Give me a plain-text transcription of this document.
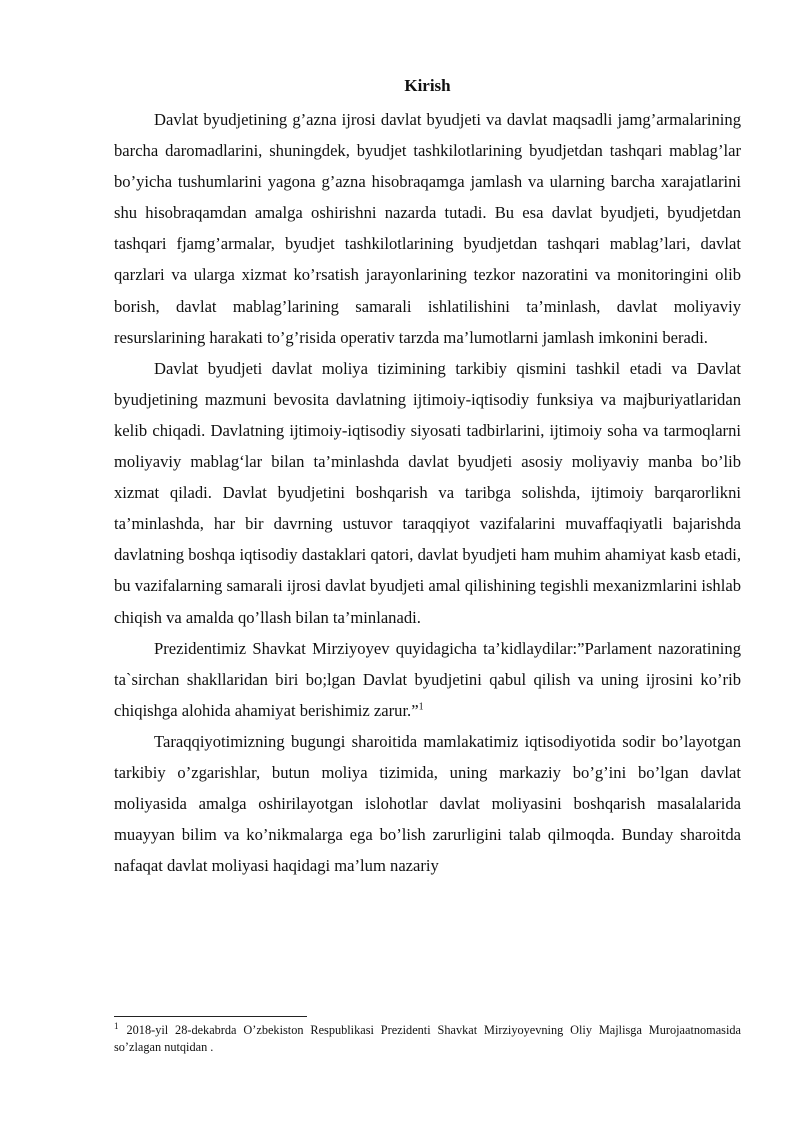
Kirish

Davlat byudjetining g’azna ijrosi davlat byudjeti va davlat maqsadli jamg’armalarining barcha daromadlarini, shuningdek, byudjet tashkilotlarining byudjetdan tashqari mablag’lar bo’yicha tushumlarini yagona g’azna hisobraqamga jamlash va ularning barcha xarajatlarini shu hisobraqamdan amalga oshirishni nazarda tutadi. Bu esa davlat byudjeti, byudjetdan tashqari fjamg’armalar, byudjet tashkilotlarining byudjetdan tashqari mablag’lari, davlat qarzlari va ularga xizmat ko’rsatish jarayonlarining tezkor nazoratini va monitoringini olib borish, davlat mablag’larining samarali ishlatilishini ta’minlash, davlat moliyaviy resurslarining harakati to’g’risida operativ tarzda ma’lumotlarni jamlash imkonini beradi.

Davlat byudjeti davlat moliya tizimining tarkibiy qismini tashkil etadi va Davlat byudjetining mazmuni bevosita davlatning ijtimoiy-iqtisodiy funksiya va majburiyatlaridan kelib chiqadi. Davlatning ijtimoiy-iqtisodiy siyosati tadbirlarini, ijtimoiy soha va tarmoqlarni moliyaviy mablag‘lar bilan ta’minlashda davlat byudjeti asosiy moliyaviy manba bo’lib xizmat qiladi. Davlat byudjetini boshqarish va taribga solishda, ijtimoiy barqarorlikni ta’minlashda, har bir davrning ustuvor taraqqiyot vazifalarini muvaffaqiyatli bajarishda davlatning boshqa iqtisodiy dastaklari qatori, davlat byudjeti ham muhim ahamiyat kasb etadi, bu vazifalarning samarali ijrosi davlat byudjeti amal qilishining tegishli mexanizmlarini ishlab chiqish va amalda qo’llash bilan ta’minlanadi.

Prezidentimiz Shavkat Mirziyoyev quyidagicha ta’kidlaydilar:”Parlament nazoratining ta`sirchan shakllaridan biri bo;lgan Davlat byudjetini qabul qilish va uning ijrosini ko’rib chiqishga alohida ahamiyat berishimiz zarur.”$^1$

Taraqqiyotimizning bugungi sharoitida mamlakatimiz iqtisodiyotida sodir bo’layotgan tarkibiy o’zgarishlar, butun moliya tizimida, uning markaziy bo’g’ini bo’lgan davlat moliyasida amalga oshirilayotgan islohotlar davlat moliyasini boshqarish masalalarida muayyan bilim va ko’nikmalarga ega bo’lish zarurligini talab qilmoqda. Bunday sharoitda nafaqat davlat moliyasi haqidagi ma’lum nazariy

$^1$ 2018-yil 28-dekabrda O’zbekiston Respublikasi Prezidenti Shavkat Mirziyoyevning Oliy Majlisga Murojaatnomasida so’zlagan nutqidan .
